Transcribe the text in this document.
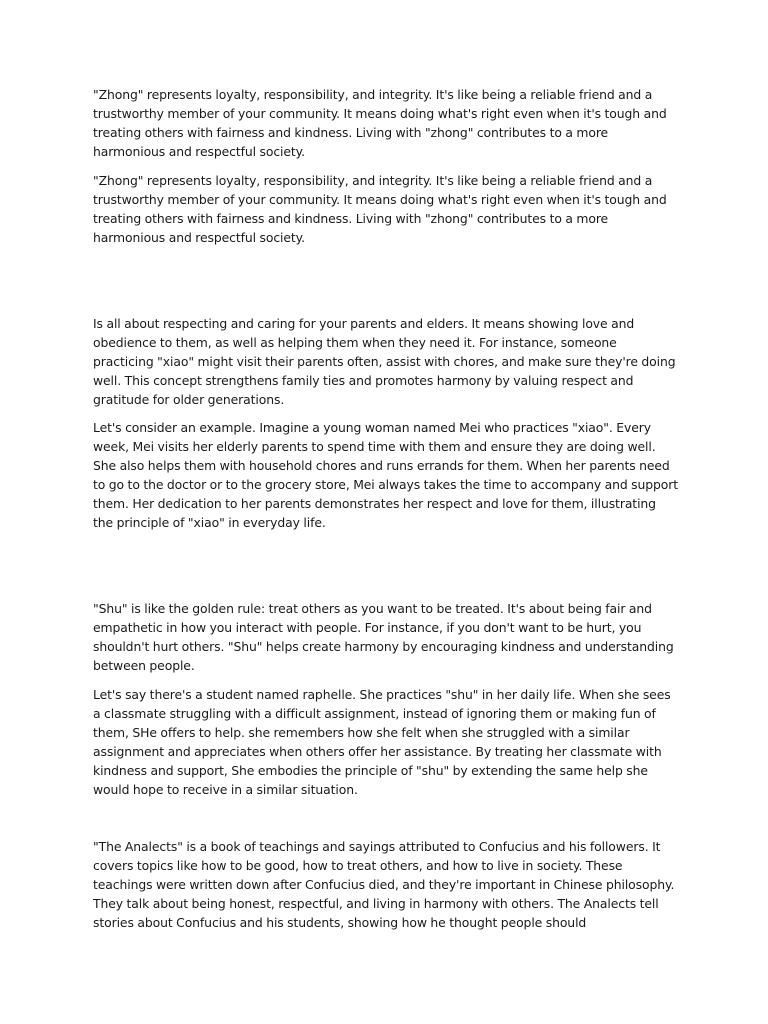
"Zhong" represents loyalty, responsibility, and integrity. It's like being a reliable friend and a trustworthy member of your community. It means doing what's right even when it's tough and treating others with fairness and kindness. Living with "zhong" contributes to a more harmonious and respectful society.

"Zhong" represents loyalty, responsibility, and integrity. It's like being a reliable friend and a trustworthy member of your community. It means doing what's right even when it's tough and treating others with fairness and kindness. Living with "zhong" contributes to a more harmonious and respectful society.

Is all about respecting and caring for your parents and elders. It means showing love and obedience to them, as well as helping them when they need it. For instance, someone practicing "xiao" might visit their parents often, assist with chores, and make sure they're doing well. This concept strengthens family ties and promotes harmony by valuing respect and gratitude for older generations.

Let's consider an example. Imagine a young woman named Mei who practices "xiao". Every week, Mei visits her elderly parents to spend time with them and ensure they are doing well. She also helps them with household chores and runs errands for them. When her parents need to go to the doctor or to the grocery store, Mei always takes the time to accompany and support them. Her dedication to her parents demonstrates her respect and love for them, illustrating the principle of "xiao" in everyday life.

"Shu" is like the golden rule: treat others as you want to be treated. It's about being fair and empathetic in how you interact with people. For instance, if you don't want to be hurt, you shouldn't hurt others. "Shu" helps create harmony by encouraging kindness and understanding between people.

Let's say there's a student named raphelle. She practices "shu" in her daily life. When she sees a classmate struggling with a difficult assignment, instead of ignoring them or making fun of them, SHe offers to help. she remembers how she felt when she struggled with a similar assignment and appreciates when others offer her assistance. By treating her classmate with kindness and support, She embodies the principle of "shu" by extending the same help she would hope to receive in a similar situation.

"The Analects" is a book of teachings and sayings attributed to Confucius and his followers. It covers topics like how to be good, how to treat others, and how to live in society. These teachings were written down after Confucius died, and they're important in Chinese philosophy. They talk about being honest, respectful, and living in harmony with others. The Analects tell stories about Confucius and his students, showing how he thought people should
